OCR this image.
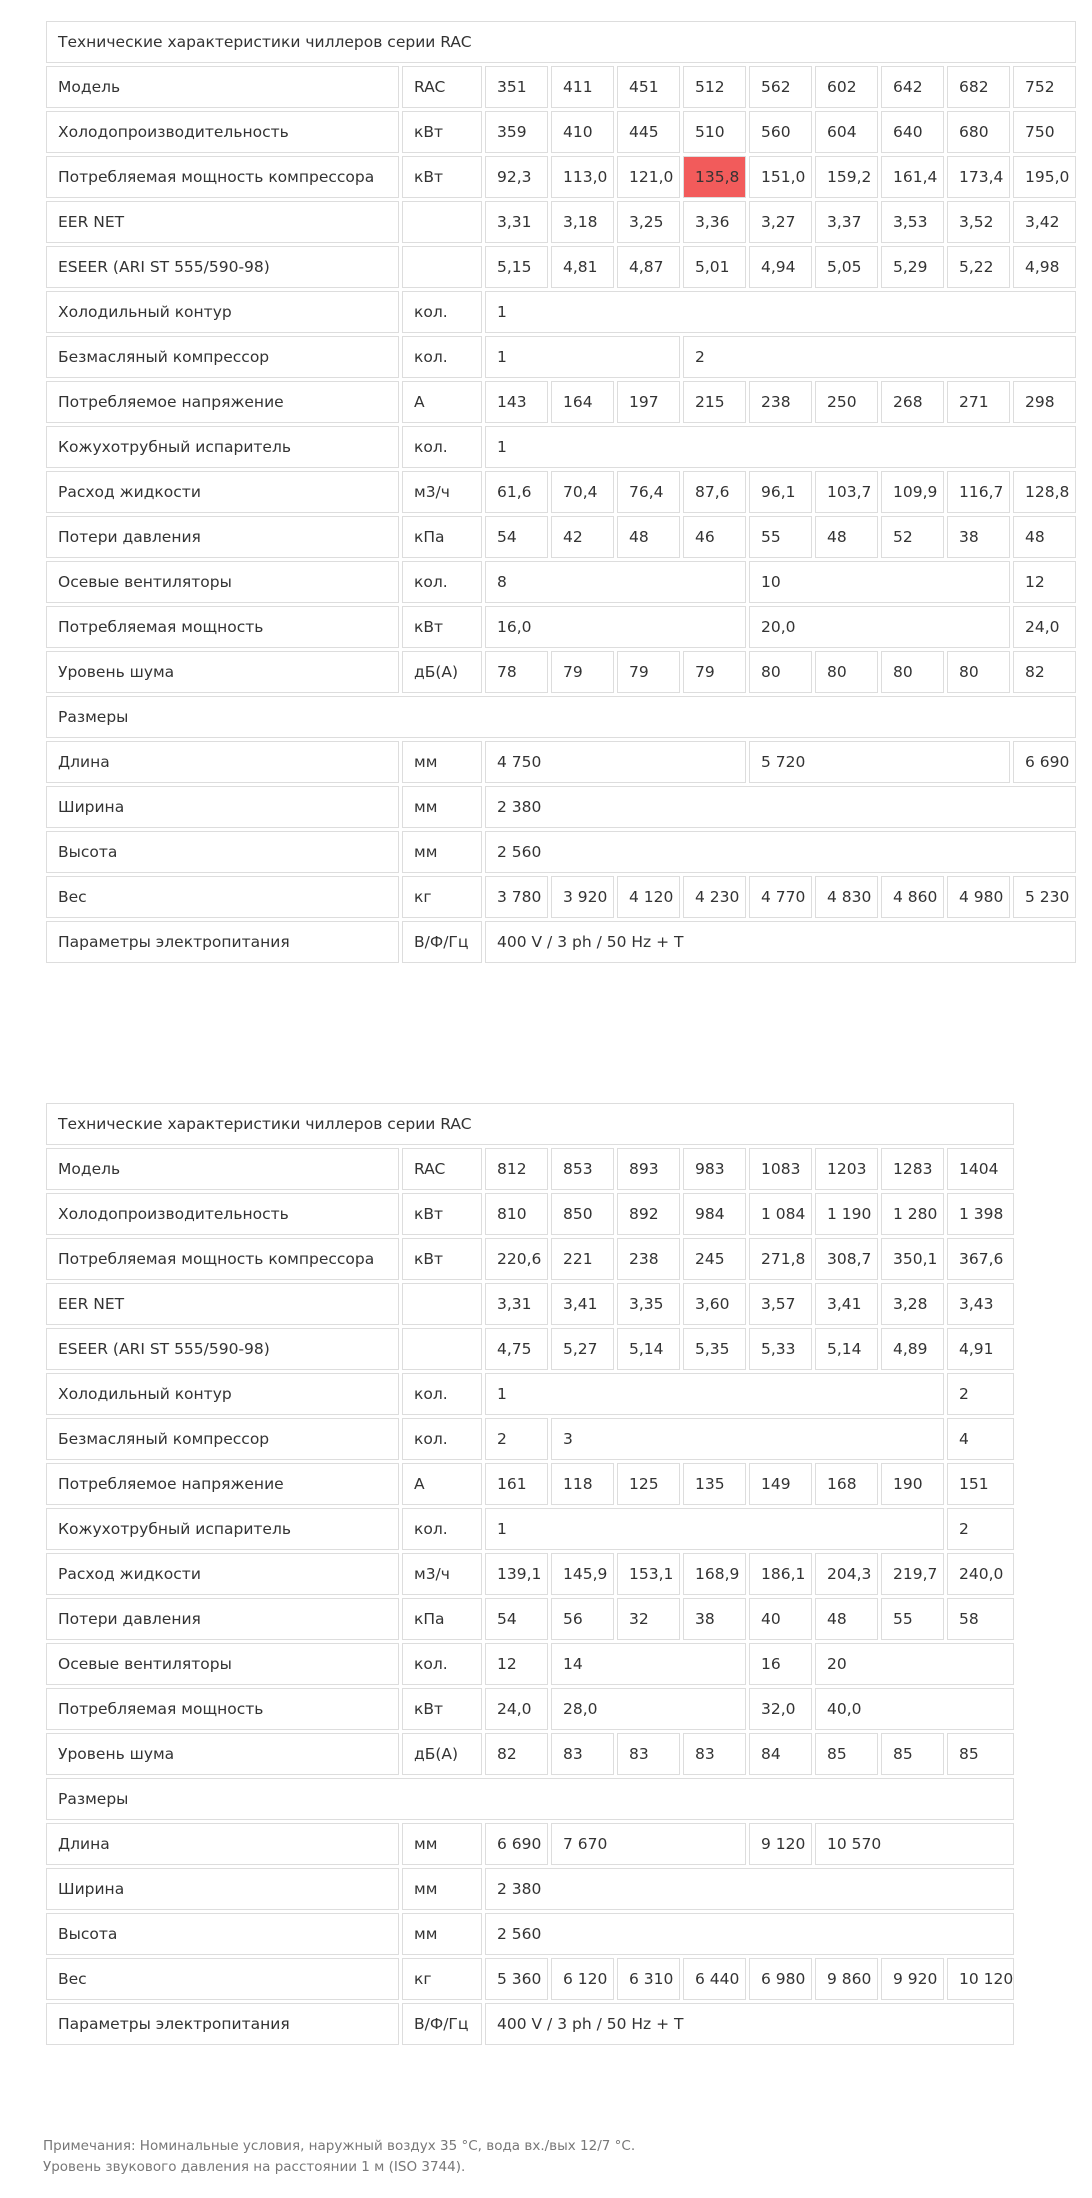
Технические характеристики чиллеров серии RAC										
Модель	RAC	351	411	451	512	562	602	642	682	752
Холодопроизводительность	кВт	359	410	445	510	560	604	640	680	750
Потребляемая мощность компрессора	кВт	92,3	113,0	121,0	135,8	151,0	159,2	161,4	173,4	195,0
EER NET		3,31	3,18	3,25	3,36	3,27	3,37	3,53	3,52	3,42
ESEER (ARI ST 555/590-98)		5,15	4,81	4,87	5,01	4,94	5,05	5,29	5,22	4,98
Холодильный контур	кол.	1								
Безмасляный компрессор	кол.	1			2					
Потребляемое напряжение	А	143	164	197	215	238	250	268	271	298
Кожухотрубный испаритель	кол.	1								
Расход жидкости	м3/ч	61,6	70,4	76,4	87,6	96,1	103,7	109,9	116,7	128,8
Потери давления	кПа	54	42	48	46	55	48	52	38	48
Осевые вентиляторы	кол.	8				10				12
Потребляемая мощность	кВт	16,0				20,0				24,0
Уровень шума	дБ(А)	78	79	79	79	80	80	80	80	82
Размеры										
Длина	мм	4 750				5 720				6 690
Ширина	мм	2 380								
Высота	мм	2 560								
Вес	кг	3 780	3 920	4 120	4 230	4 770	4 830	4 860	4 980	5 230
Параметры электропитания	В/Ф/Гц	400 V / 3 ph / 50 Hz + T								
Технические характеристики чиллеров серии RAC									
Модель	RAC	812	853	893	983	1083	1203	1283	1404
Холодопроизводительность	кВт	810	850	892	984	1 084	1 190	1 280	1 398
Потребляемая мощность компрессора	кВт	220,6	221	238	245	271,8	308,7	350,1	367,6
EER NET		3,31	3,41	3,35	3,60	3,57	3,41	3,28	3,43
ESEER (ARI ST 555/590-98)		4,75	5,27	5,14	5,35	5,33	5,14	4,89	4,91
Холодильный контур	кол.	1							2
Безмасляный компрессор	кол.	2	3						4
Потребляемое напряжение	А	161	118	125	135	149	168	190	151
Кожухотрубный испаритель	кол.	1							2
Расход жидкости	м3/ч	139,1	145,9	153,1	168,9	186,1	204,3	219,7	240,0
Потери давления	кПа	54	56	32	38	40	48	55	58
Осевые вентиляторы	кол.	12	14			16	20		
Потребляемая мощность	кВт	24,0	28,0			32,0	40,0		
Уровень шума	дБ(А)	82	83	83	83	84	85	85	85
Размеры									
Длина	мм	6 690	7 670			9 120	10 570		
Ширина	мм	2 380							
Высота	мм	2 560							
Вес	кг	5 360	6 120	6 310	6 440	6 980	9 860	9 920	10 120
Параметры электропитания	В/Ф/Гц	400 V / 3 ph / 50 Hz + T							
Примечания: Номинальные условия, наружный воздух 35 °С, вода вх./вых 12/7 °С.
Уровень звукового давления на расстоянии 1 м (ISO 3744).
